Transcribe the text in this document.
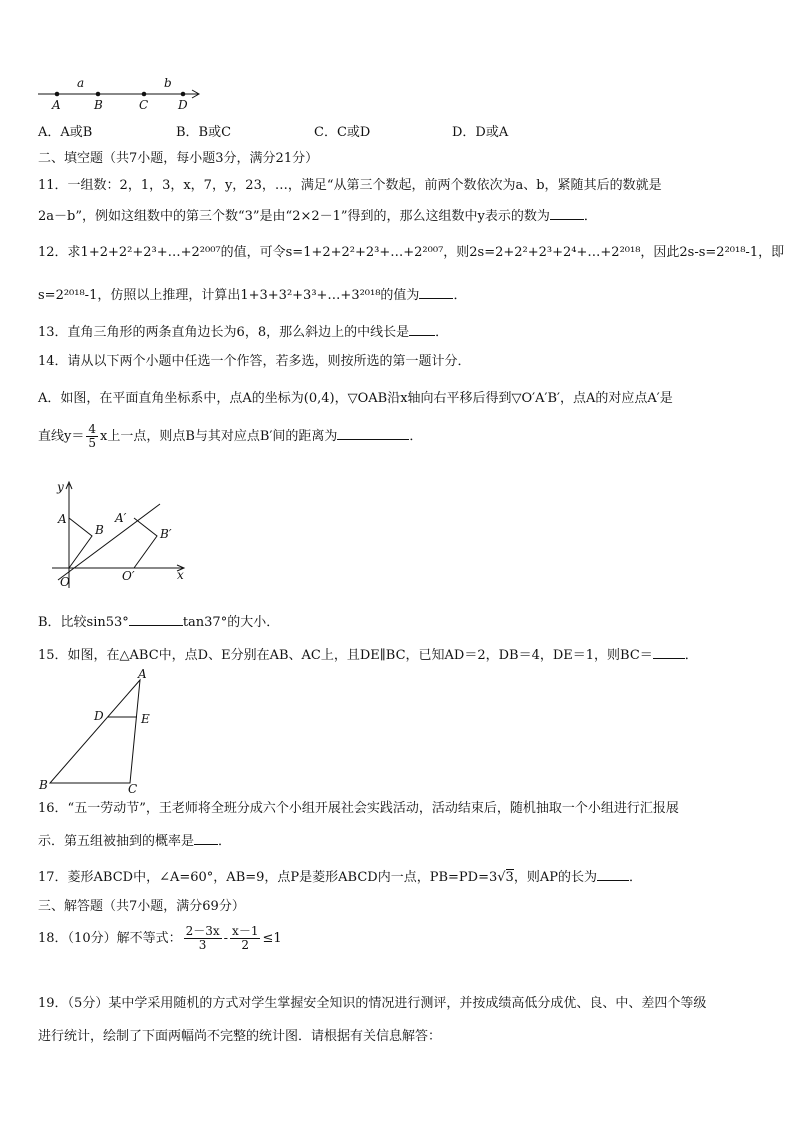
a	b
A	B	C D
A．A或B	B．B或C	C．C或D	D．D或A
二、填空题（共7小题，每小题3分，满分21分）
11．一组数：2，1，3，x，7，y，23，…，满足“从第三个数起，前两个数依次为a、b，紧随其后的数就是
2a－b”，例如这组数中的第三个数“3”是由“2×2－1”得到的，那么这组数中y表示的数为	．
12．求1+2+2²+2³+…+2²⁰⁰⁷的值，可令s=1+2+2²+2³+…+2²⁰⁰⁷，则2s=2+2²+2³+2⁴+…+2²⁰¹⁸，因此2s-s=2²⁰¹⁸-1，即
s=2²⁰¹⁸-1，仿照以上推理，计算出1+3+3²+3³+…+3²⁰¹⁸的值为	．
13．直角三角形的两条直角边长为6，8，那么斜边上的中线长是 ．
14．请从以下两个小题中任选一个作答，若多选，则按所选的第一题计分．
A．如图，在平面直角坐标系中，点A的坐标为(0,4)，▽OAB沿x轴向右平移后得到▽O′A′B′，点A的对应点A′是
直线$y= \frac{4}{5}$ x上一点，则点B与其对应点B′间的距离为	．
y
x
A
B
A′
B′
O	O′
B．比较sin53°	tan37°的大小．
15．如图，在△ABC中，点D、E分别在AB、AC上，且DE∥BC，已知AD＝2，DB＝4，DE＝1，则BC＝ ．
A
B	C
D	E
16．“五一劳动节”，王老师将全班分成六个小组开展社会实践活动，活动结束后，随机抽取一个小组进行汇报展
示．第五组被抽到的概率是 ．
17．菱形ABCD中，∠A=60°，AB=9，点P是菱形ABCD内一点，PB=PD=3√3，则AP的长为 ．
三、解答题（共7小题，满分69分）
18．（10分）解不等式： $\frac{2-3x}{3} - \frac{x-1}{2} \le 1$
19．（5分）某中学采用随机的方式对学生掌握安全知识的情况进行测评，并按成绩高低分成优、良、中、差四个等级
进行统计，绘制了下面两幅尚不完整的统计图．请根据有关信息解答：
